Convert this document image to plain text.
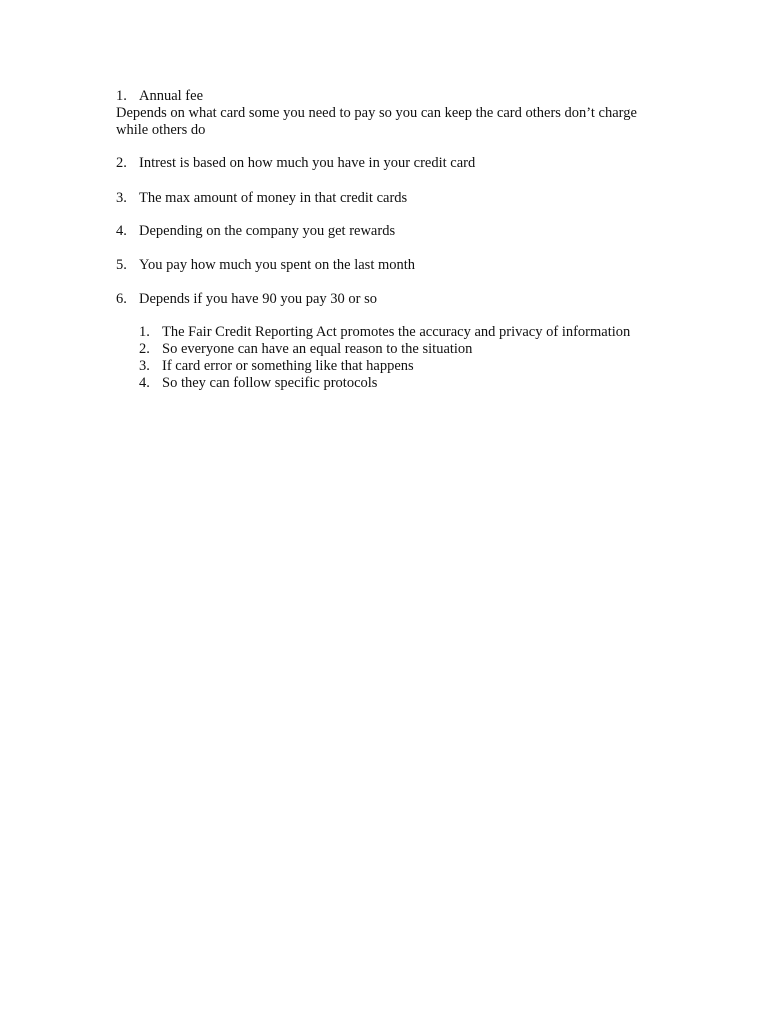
1. Annual fee
Depends on what card some you need to pay so you can keep the card others don’t charge
while others do
2. Intrest is based on how much you have in your credit card
3. The max amount of money in that credit cards
4. Depending on the company you get rewards
5. You pay how much you spent on the last month
6. Depends if you have 90 you pay 30 or so
1. The Fair Credit Reporting Act promotes the accuracy and privacy of information
2. So everyone can have an equal reason to the situation
3. If card error or something like that happens
4. So they can follow specific protocols
